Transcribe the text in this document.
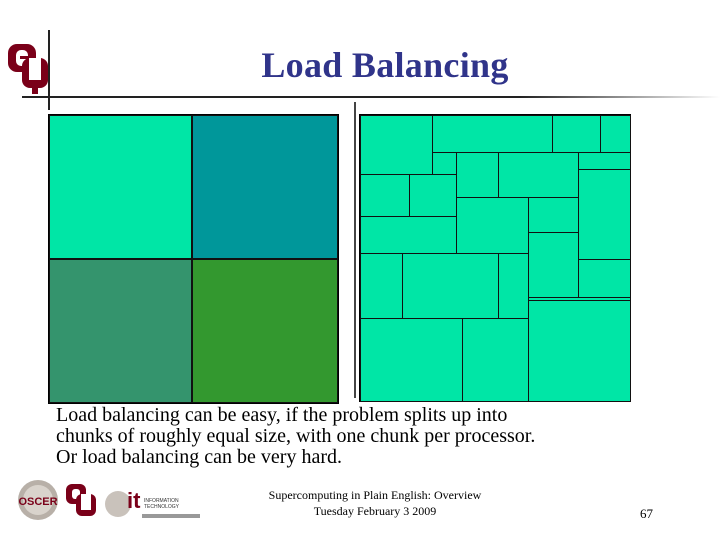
Load Balancing
Load balancing can be easy, if the problem splits up into
chunks of roughly equal size, with one chunk per processor.
Or load balancing can be very hard.
OSCER	it INFORMATION
TECHNOLOGY
Supercomputing in Plain English: Overview
Tuesday February 3 2009	67
